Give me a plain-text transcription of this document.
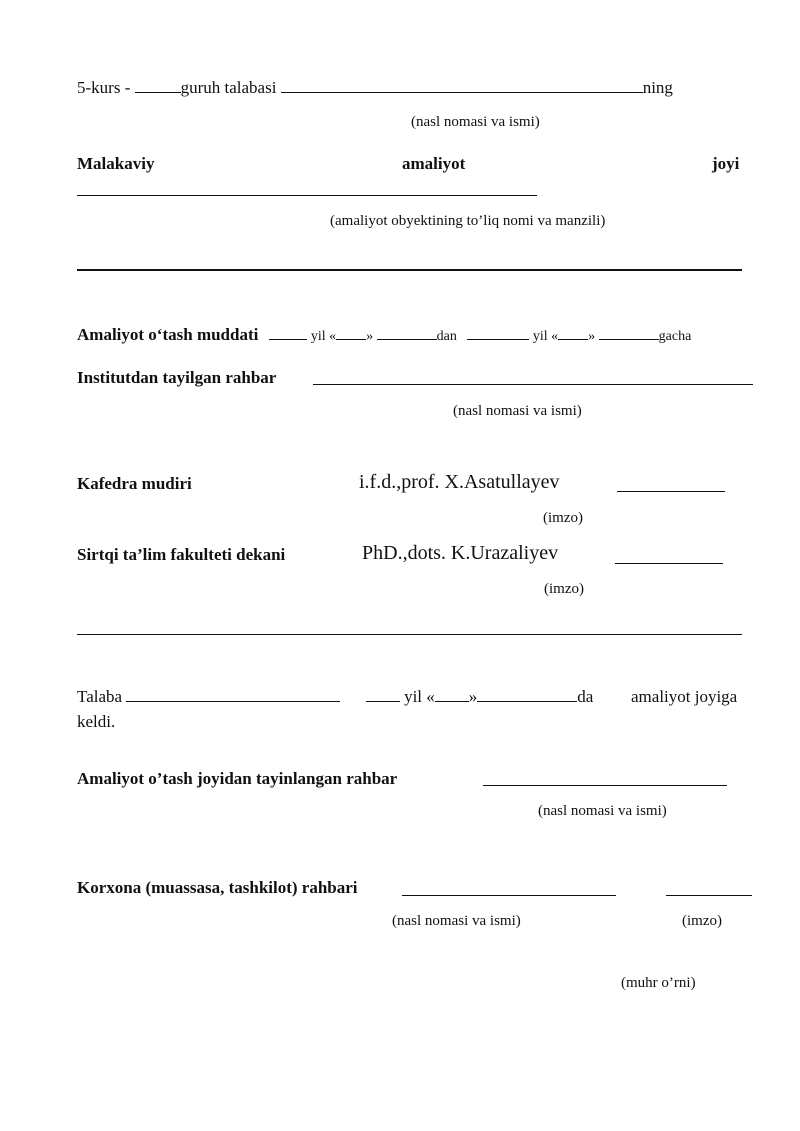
5-kurs -	guruh talabasi	ning
(nasl nomasi va ismi)
Malakaviy	amaliyot	joyi
(amaliyot obyektining to’liq nomi va manzili)
Amaliyot o‘tash muddati	yil « »	dan	yil « »	gacha
Institutdan tayilgan rahbar
(nasl nomasi va ismi)
Kafedra mudiri	i.f.d.,prof. X.Asatullayev
(imzo)
Sirtqi ta’lim fakulteti dekani	PhD.,dots. K.Urazaliyev
(imzo)
Talaba	yil « »	da amaliyot joyiga
keldi.
Amaliyot o’tash joyidan tayinlangan rahbar
(nasl nomasi va ismi)
Korxona (muassasa, tashkilot) rahbari
(nasl nomasi va ismi)	(imzo)
(muhr o’rni)
